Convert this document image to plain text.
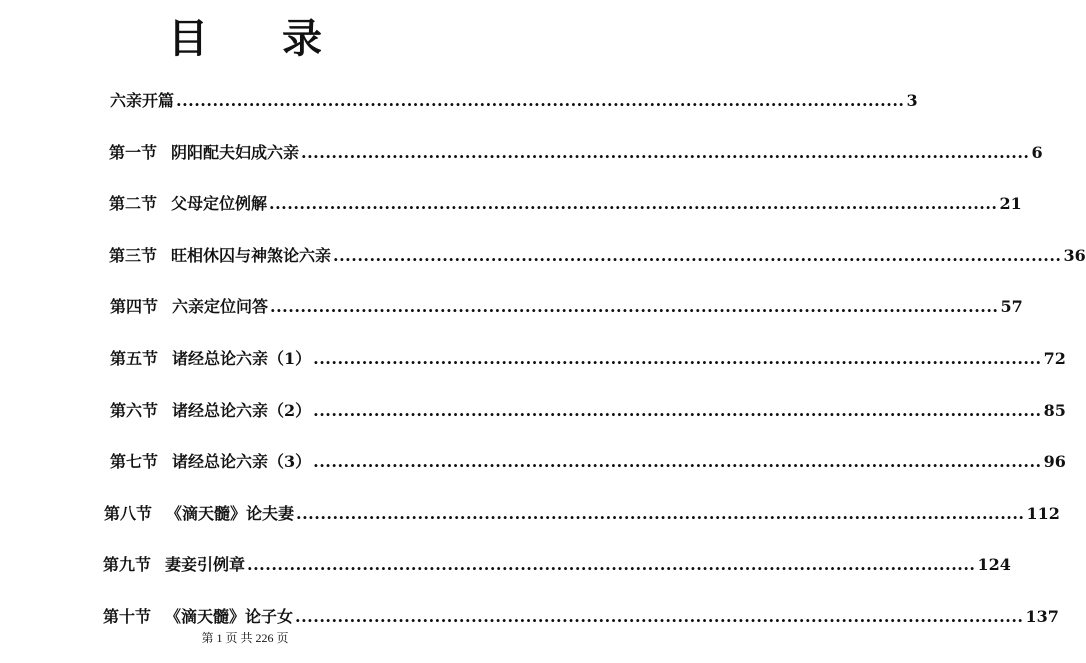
目 录
六亲开篇 ........................................................................................................................ 3
第一节 阴阳配夫妇成六亲 ........................................................................................................................ 6
第二节 父母定位例解 ........................................................................................................................ 21
第三节 旺相休囚与神煞论六亲 ........................................................................................................................ 36
第四节 六亲定位问答 ........................................................................................................................ 57
第五节 诸经总论六亲（1） ........................................................................................................................ 72
第六节 诸经总论六亲（2） ........................................................................................................................ 85
第七节 诸经总论六亲（3） ........................................................................................................................ 96
第八节 《滴天髓》论夫妻 ........................................................................................................................ 112
第九节 妻妾引例章 ........................................................................................................................ 124
第十节 《滴天髓》论子女 ........................................................................................................................ 137
第 1 页 共 226 页
